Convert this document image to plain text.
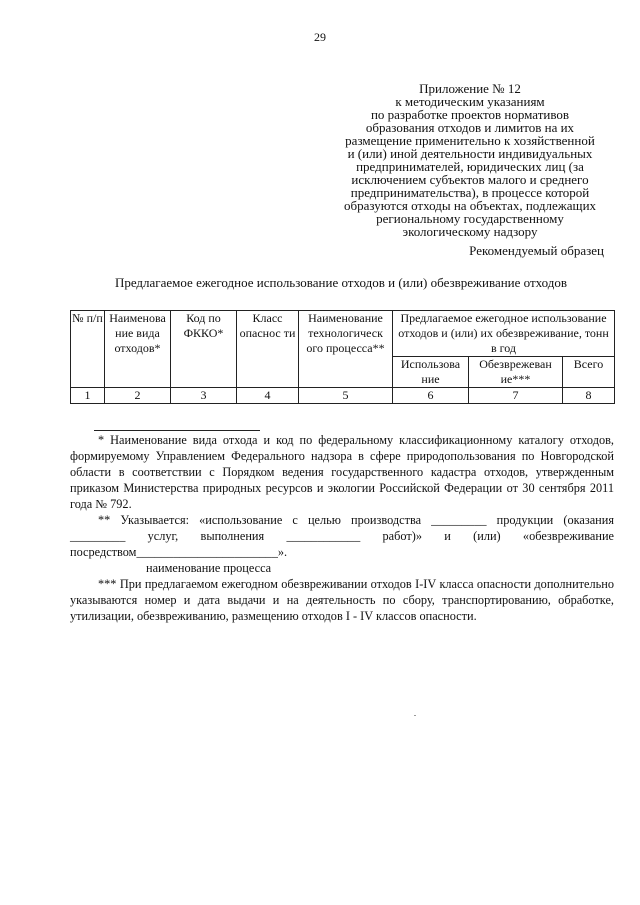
29
Приложение № 12
к методическим указаниям
по разработке проектов нормативов
образования отходов и лимитов на их
размещение применительно к хозяйственной
и (или) иной деятельности индивидуальных
предпринимателей, юридических лиц (за
исключением субъектов малого и среднего
предпринимательства), в процессе которой
образуются отходы на объектах, подлежащих
региональному государственному
экологическому надзору
Рекомендуемый образец
Предлагаемое ежегодное использование отходов и (или) обезвреживание отходов
№ п/п	Наименова ние вида отходов*	Код по ФККО*	Класс опаснос ти	Наименование технологическ ого процесса**	Предлагаемое ежегодное использование отходов и (или) их обезвреживание, тонн в год		
					Использова ние	Обезврежеван ие***	Всего
1	2	3	4	5	6	7	8

* Наименование вида отхода и код по федеральному классификационному каталогу отходов, формируемому Управлением Федерального надзора в сфере природопользования по Новгородской области в соответствии с Порядком ведения государственного кадастра отходов, утвержденным приказом Министерства природных ресурсов и экологии Российской Федерации от 30 сентября 2011 года № 792.

** Указывается: «использование с целью производства _________ продукции (оказания _________ услуг, выполнения ____________ работ)» и (или) «обезвреживание посредством_______________________».

наименование процесса

*** При предлагаемом ежегодном обезвреживании отходов I-IV класса опасности дополнительно указываются номер и дата выдачи и на деятельность по сбору, транспортированию, обработке, утилизации, обезвреживанию, размещению отходов I - IV классов опасности.
